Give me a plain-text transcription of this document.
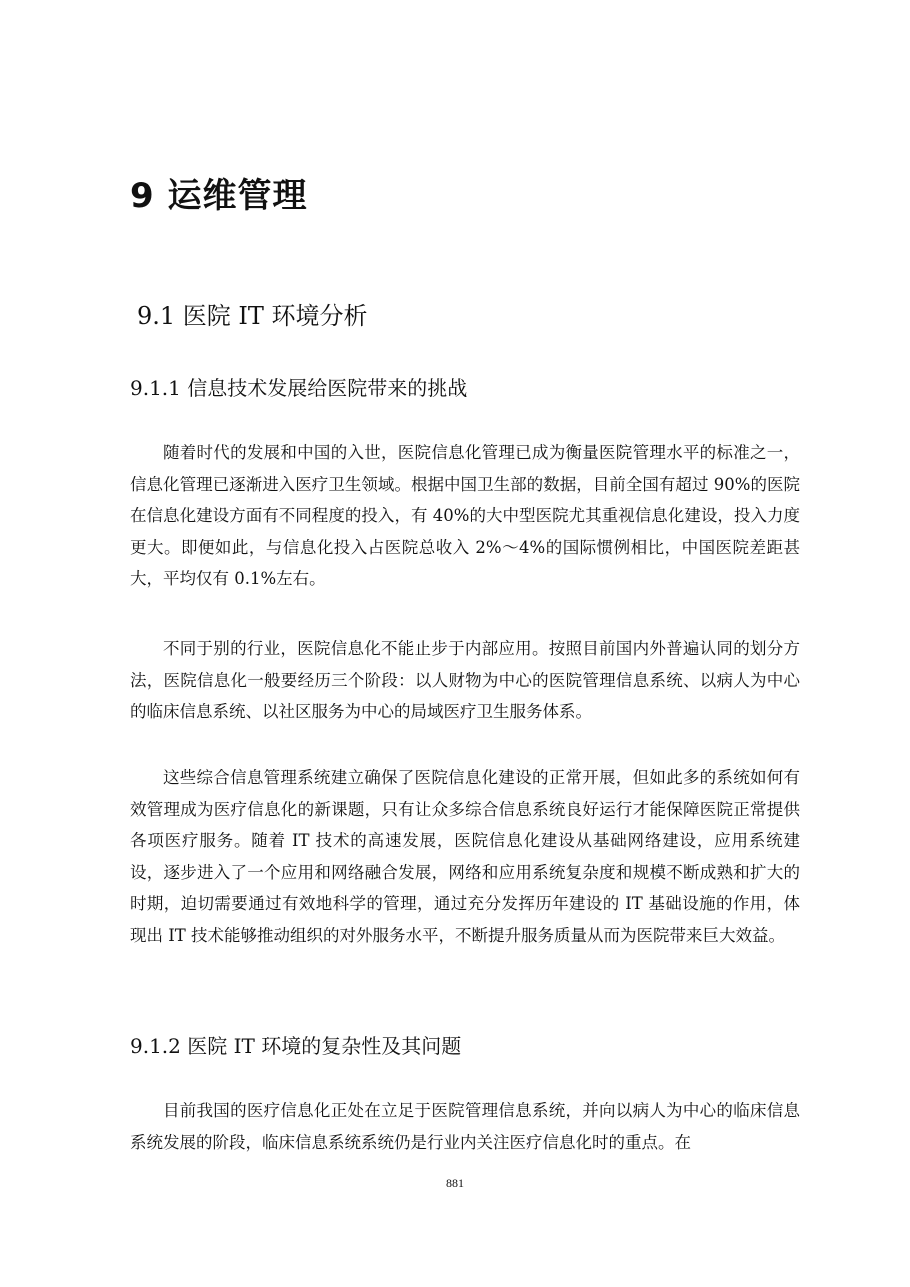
9 运维管理
9.1 医院 IT 环境分析
9.1.1 信息技术发展给医院带来的挑战

随着时代的发展和中国的入世，医院信息化管理已成为衡量医院管理水平的标准之一，信息化管理已逐渐进入医疗卫生领域。根据中国卫生部的数据，目前全国有超过 90%的医院在信息化建设方面有不同程度的投入，有 40%的大中型医院尤其重视信息化建设，投入力度更大。即便如此，与信息化投入占医院总收入 2%～4%的国际惯例相比，中国医院差距甚大，平均仅有 0.1%左右。

不同于别的行业，医院信息化不能止步于内部应用。按照目前国内外普遍认同的划分方法，医院信息化一般要经历三个阶段：以人财物为中心的医院管理信息系统、以病人为中心的临床信息系统、以社区服务为中心的局域医疗卫生服务体系。

这些综合信息管理系统建立确保了医院信息化建设的正常开展，但如此多的系统如何有效管理成为医疗信息化的新课题，只有让众多综合信息系统良好运行才能保障医院正常提供各项医疗服务。随着 IT 技术的高速发展，医院信息化建设从基础网络建设，应用系统建设，逐步进入了一个应用和网络融合发展，网络和应用系统复杂度和规模不断成熟和扩大的时期，迫切需要通过有效地科学的管理，通过充分发挥历年建设的 IT 基础设施的作用，体现出 IT 技术能够推动组织的对外服务水平，不断提升服务质量从而为医院带来巨大效益。

9.1.2 医院 IT 环境的复杂性及其问题

目前我国的医疗信息化正处在立足于医院管理信息系统，并向以病人为中心的临床信息系统发展的阶段，临床信息系统系统仍是行业内关注医疗信息化时的重点。在

881
